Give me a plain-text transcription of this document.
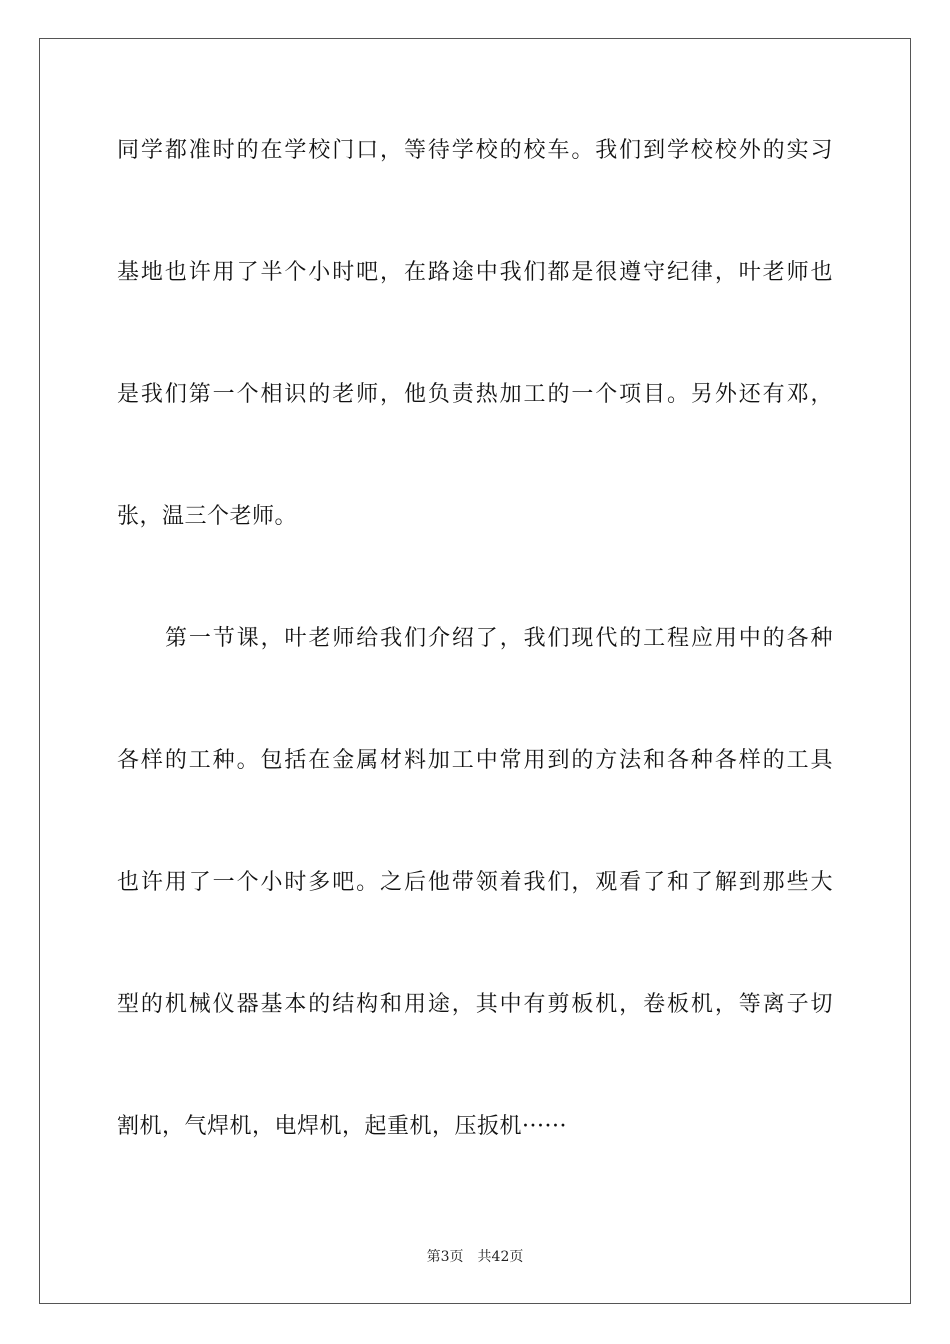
同学都准时的在学校门口，等待学校的校车。我们到学校校外的实习
基地也许用了半个小时吧，在路途中我们都是很遵守纪律，叶老师也
是我们第一个相识的老师，他负责热加工的一个项目。另外还有邓，
张，温三个老师。
第一节课，叶老师给我们介绍了，我们现代的工程应用中的各种
各样的工种。包括在金属材料加工中常用到的方法和各种各样的工具
也许用了一个小时多吧。之后他带领着我们，观看了和了解到那些大
型的机械仪器基本的结构和用途，其中有剪板机，卷板机，等离子切
割机，气焊机，电焊机，起重机，压扳机······
第3页 共42页
